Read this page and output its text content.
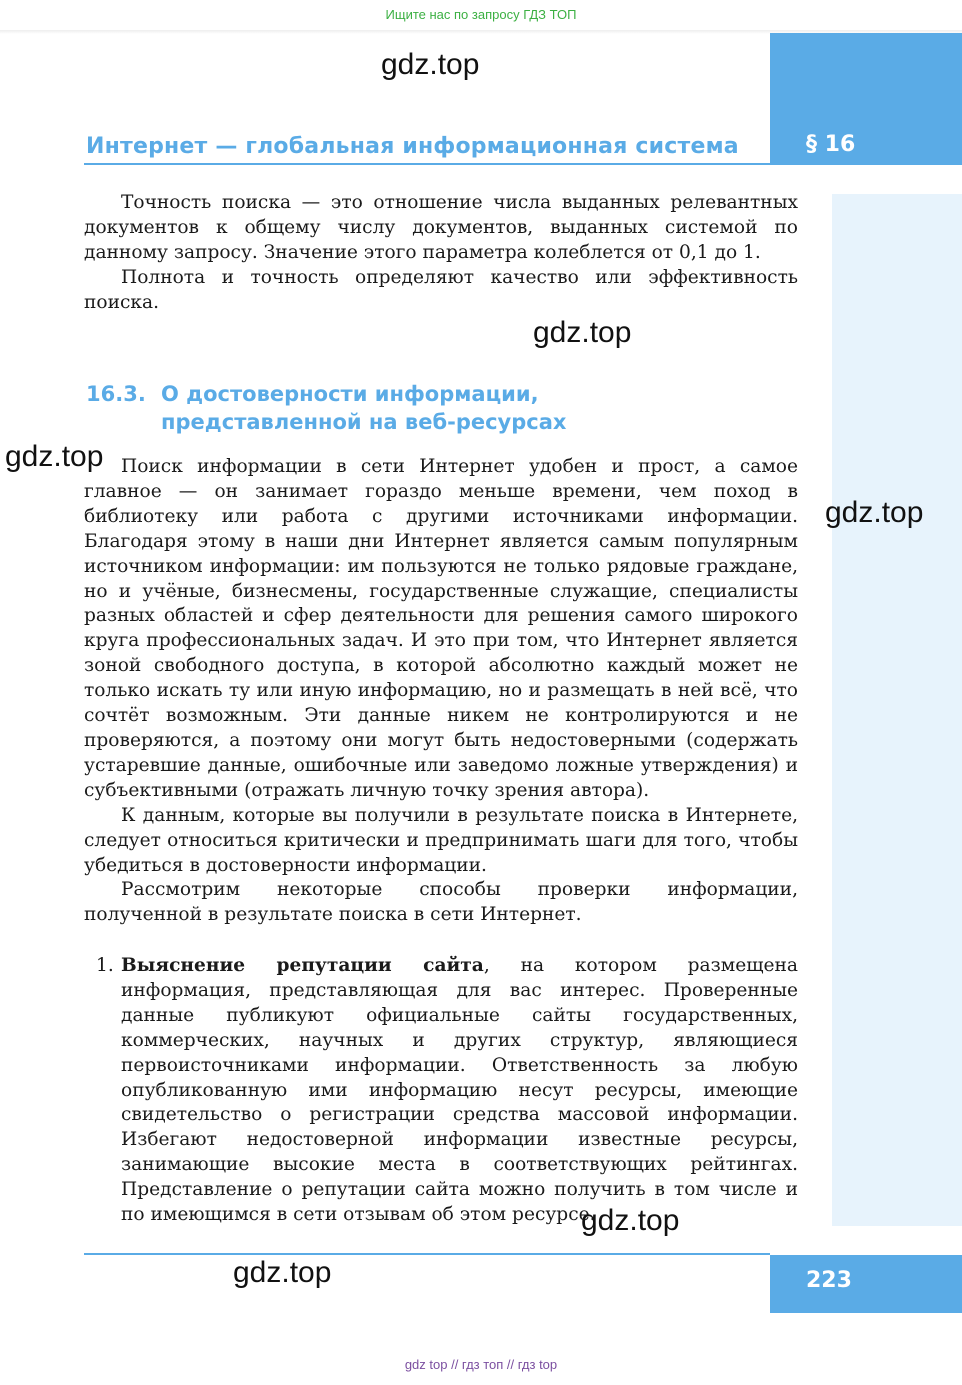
Ищите нас по запросу ГДЗ ТОП
§ 16
Интернет — глобальная информационная система

Точность поиска — это отношение числа выданных релевантных документов к общему числу документов, выданных системой по данному запросу. Значение этого параметра колеблется от 0,1 до 1.

Полнота и точность определяют качество или эффективность поиска.

16.3. О достоверности информации,
представленной на веб-ресурсах

Поиск информации в сети Интернет удобен и прост, а самое главное — он занимает гораздо меньше времени, чем поход в библиотеку или работа с другими источниками информации. Благодаря этому в наши дни Интернет является самым популярным источником информации: им пользуются не только рядовые граждане, но и учёные, бизнесмены, государственные служащие, специалисты разных областей и сфер деятельности для решения самого широкого круга профессиональных задач. И это при том, что Интернет является зоной свободного доступа, в которой абсолютно каждый может не только искать ту или иную информацию, но и размещать в ней всё, что сочтёт возможным. Эти данные никем не контролируются и не проверяются, а поэтому они могут быть недостоверными (содержать устаревшие данные, ошибочные или заведомо ложные утверждения) и субъективными (отражать личную точку зрения автора).

К данным, которые вы получили в результате поиска в Интернете, следует относиться критически и предпринимать шаги для того, чтобы убедиться в достоверности информации.

Рассмотрим некоторые способы проверки информации, полученной в результате поиска в сети Интернет.

1. Выяснение репутации сайта, на котором размещена информация, представляющая для вас интерес. Проверенные данные публикуют официальные сайты государственных, коммерческих, научных и других структур, являющиеся первоисточниками информации. Ответственность за любую опубликованную ими информацию несут ресурсы, имеющие свидетельство о регистрации средства массовой информации. Избегают недостоверной информации известные ресурсы, занимающие высокие места в соответствующих рейтингах. Представление о репутации сайта можно получить в том числе и по имеющимся в сети отзывам об этом ресурсе.
223
gdz.top
gdz.top
gdz.top
gdz.top
gdz.top
gdz.top
gdz top // гдз топ // гдз top
